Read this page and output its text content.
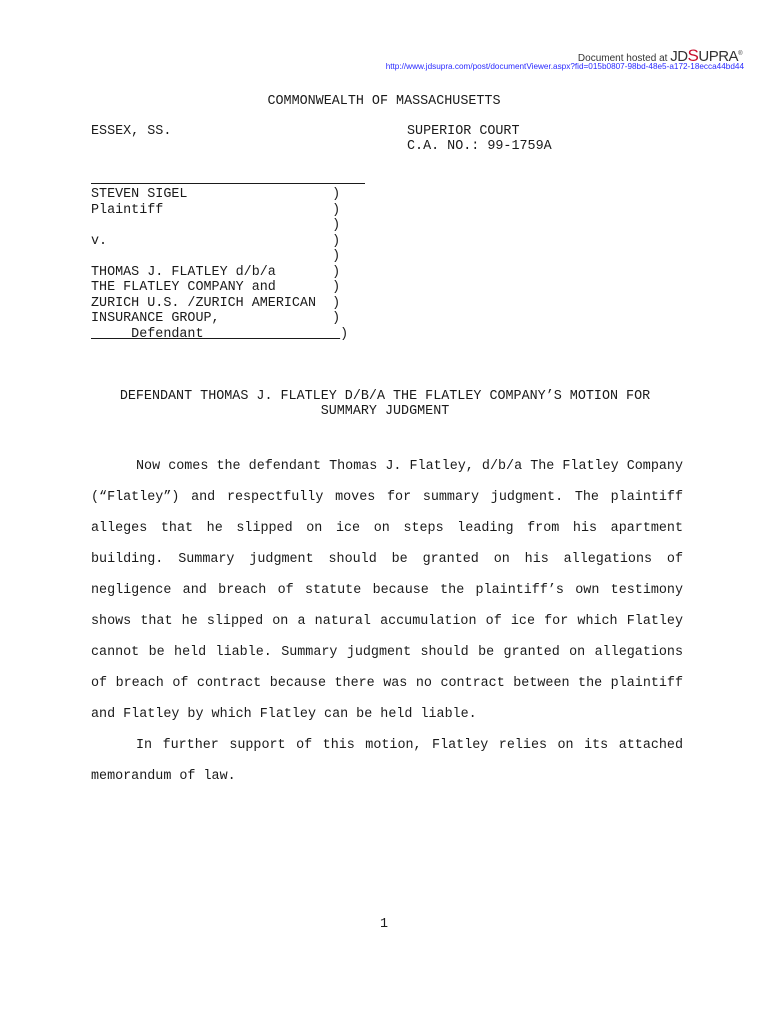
Document hosted at JDSUPRA®
http://www.jdsupra.com/post/documentViewer.aspx?fid=015b0807-98bd-48e5-a172-18ecca44bd44
COMMONWEALTH OF MASSACHUSETTS
ESSEX, SS.	SUPERIOR COURT
C.A. NO.: 99-1759A
STEVEN SIGEL                  )
Plaintiff                     )
)
v.                            )
)
THOMAS J. FLATLEY d/b/a       )
THE FLATLEY COMPANY and       )
ZURICH U.S. /ZURICH AMERICAN  )
INSURANCE GROUP,              )
Defendant                 )
DEFENDANT THOMAS J. FLATLEY D/B/A THE FLATLEY COMPANY’S MOTION FOR SUMMARY JUDGMENT

Now comes the defendant Thomas J. Flatley, d/b/a The Flatley Company (“Flatley”) and respectfully moves for summary judgment. The plaintiff alleges that he slipped on ice on steps leading from his apartment building. Summary judgment should be granted on his allegations of negligence and breach of statute because the plaintiff’s own testimony shows that he slipped on a natural accumulation of ice for which Flatley cannot be held liable. Summary judgment should be granted on allegations of breach of contract because there was no contract between the plaintiff and Flatley by which Flatley can be held liable.

In further support of this motion, Flatley relies on its attached memorandum of law.

1
